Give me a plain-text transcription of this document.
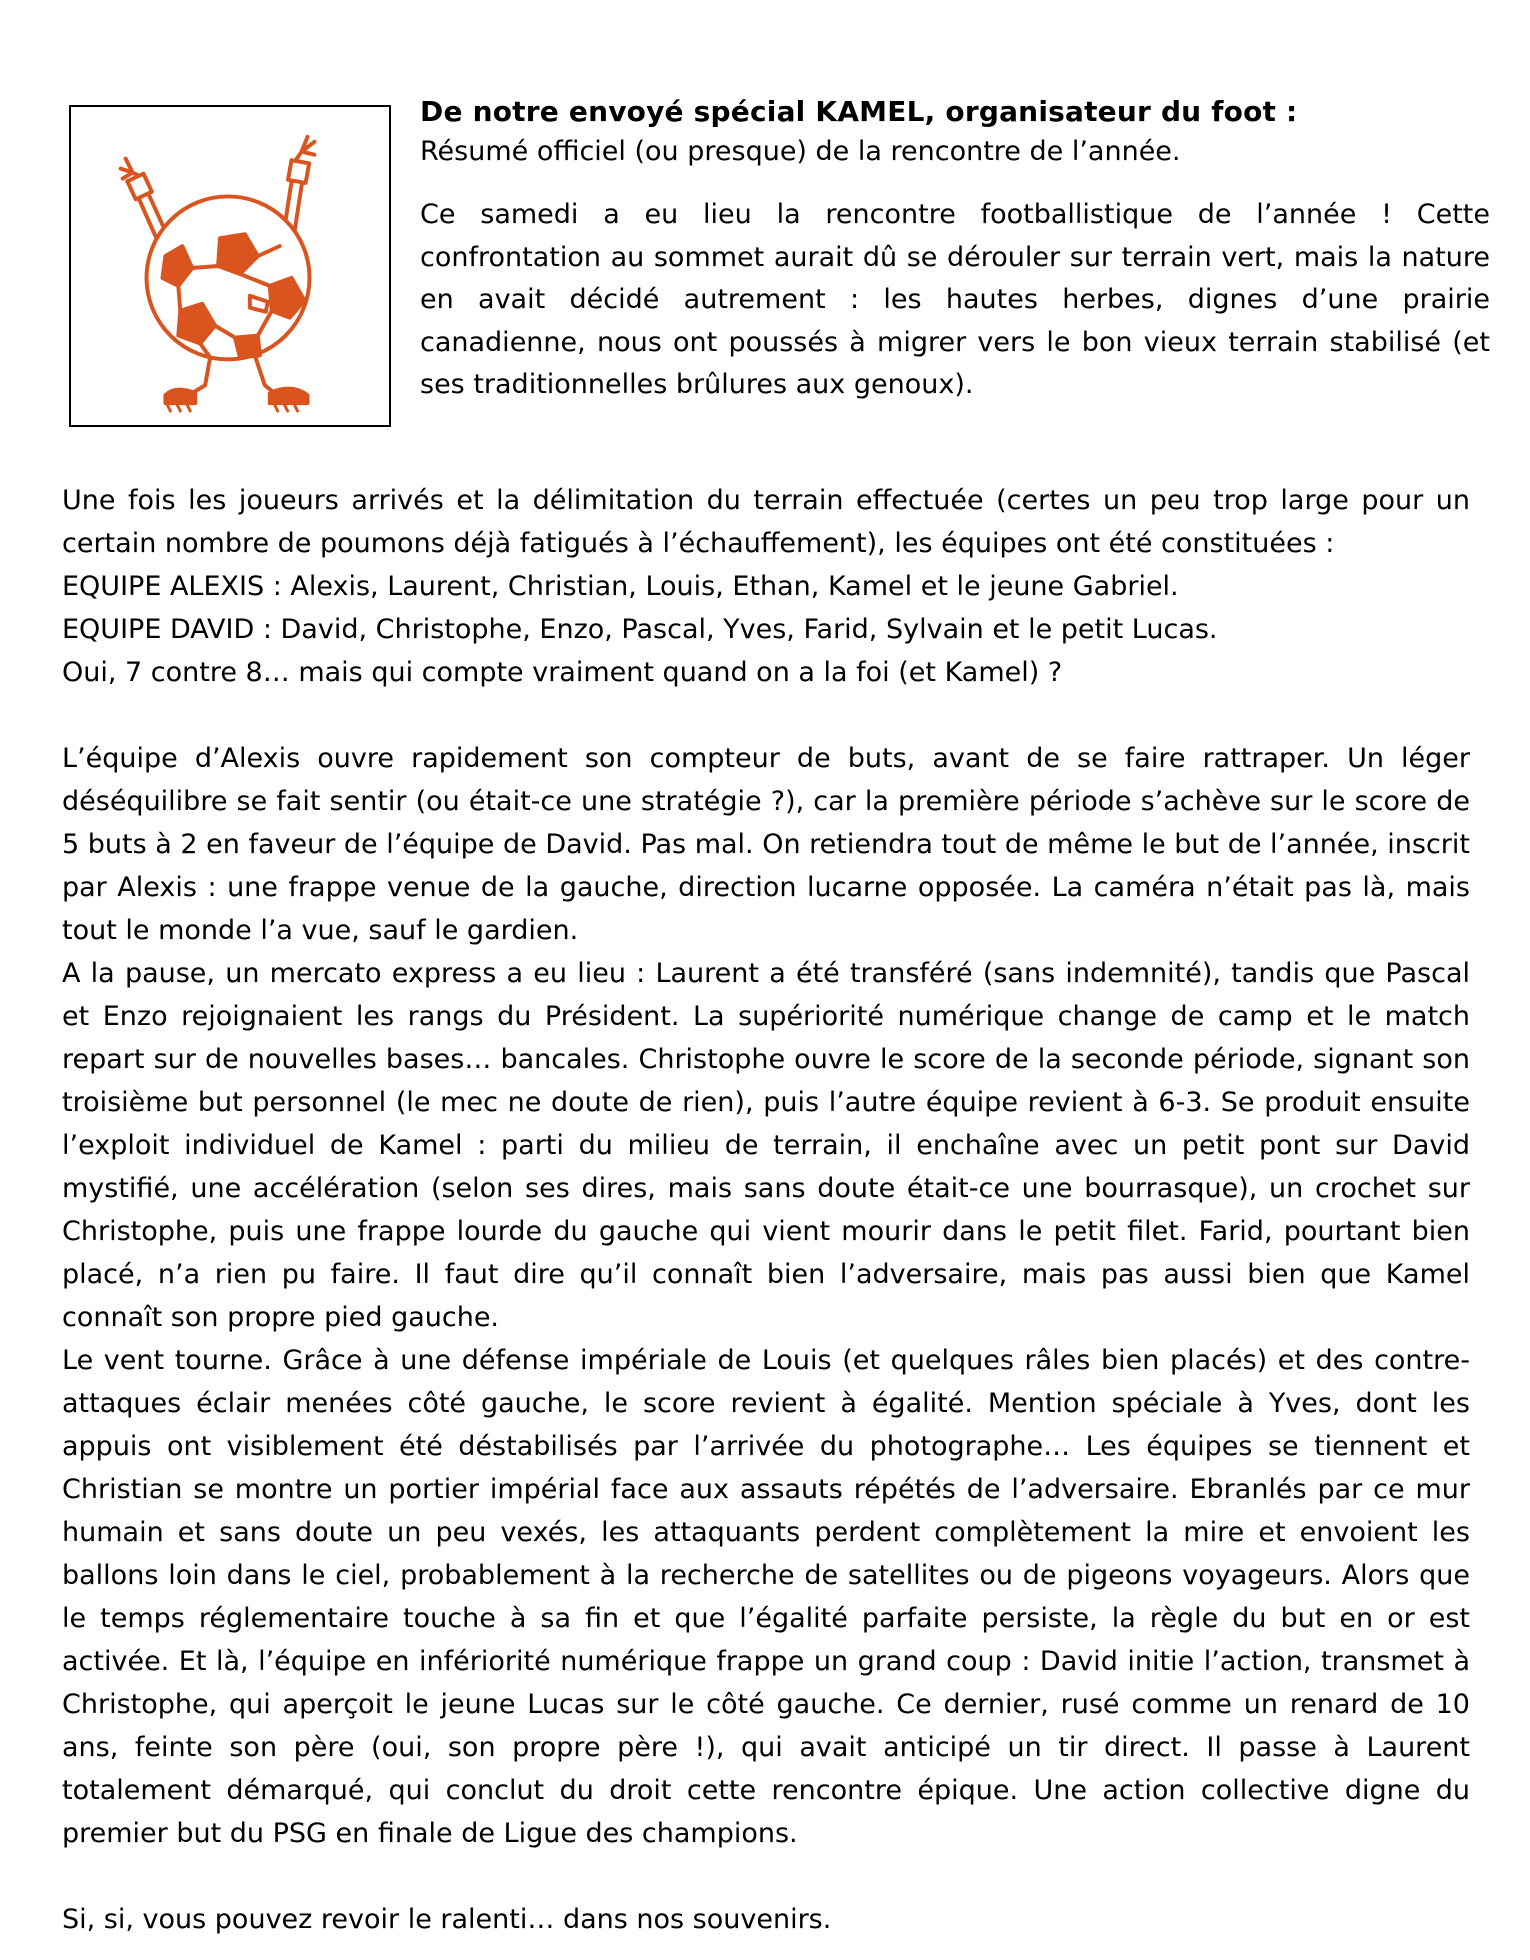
De notre envoyé spécial KAMEL, organisateur du foot :

Résumé officiel (ou presque) de la rencontre de l’année.

Ce samedi a eu lieu la rencontre footballistique de l’année ! Cette confrontation au sommet aurait dû se dérouler sur terrain vert, mais la nature en avait décidé autrement : les hautes herbes, dignes d’une prairie canadienne, nous ont poussés à migrer vers le bon vieux terrain stabilisé (et ses traditionnelles brûlures aux genoux).

Une fois les joueurs arrivés et la délimitation du terrain effectuée (certes un peu trop large pour un certain nombre de poumons déjà fatigués à l’échauffement), les équipes ont été constituées :

EQUIPE ALEXIS : Alexis, Laurent, Christian, Louis, Ethan, Kamel et le jeune Gabriel.
EQUIPE DAVID : David, Christophe, Enzo, Pascal, Yves, Farid, Sylvain et le petit Lucas.
Oui, 7 contre 8… mais qui compte vraiment quand on a la foi (et Kamel) ?

L’équipe d’Alexis ouvre rapidement son compteur de buts, avant de se faire rattraper. Un léger déséquilibre se fait sentir (ou était-ce une stratégie ?), car la première période s’achève sur le score de 5 buts à 2 en faveur de l’équipe de David. Pas mal. On retiendra tout de même le but de l’année, inscrit par Alexis : une frappe venue de la gauche, direction lucarne opposée. La caméra n’était pas là, mais tout le monde l’a vue, sauf le gardien.

A la pause, un mercato express a eu lieu : Laurent a été transféré (sans indemnité), tandis que Pascal et Enzo rejoignaient les rangs du Président. La supériorité numérique change de camp et le match repart sur de nouvelles bases… bancales. Christophe ouvre le score de la seconde période, signant son troisième but personnel (le mec ne doute de rien), puis l’autre équipe revient à 6-3. Se produit ensuite l’exploit individuel de Kamel : parti du milieu de terrain, il enchaîne avec un petit pont sur David mystifié, une accélération (selon ses dires, mais sans doute était-ce une bourrasque), un crochet sur Christophe, puis une frappe lourde du gauche qui vient mourir dans le petit filet. Farid, pourtant bien placé, n’a rien pu faire. Il faut dire qu’il connaît bien l’adversaire, mais pas aussi bien que Kamel connaît son propre pied gauche.

Le vent tourne. Grâce à une défense impériale de Louis (et quelques râles bien placés) et des contre-attaques éclair menées côté gauche, le score revient à égalité. Mention spéciale à Yves, dont les appuis ont visiblement été déstabilisés par l’arrivée du photographe… Les équipes se tiennent et Christian se montre un portier impérial face aux assauts répétés de l’adversaire. Ebranlés par ce mur humain et sans doute un peu vexés, les attaquants perdent complètement la mire et envoient les ballons loin dans le ciel, probablement à la recherche de satellites ou de pigeons voyageurs. Alors que le temps réglementaire touche à sa fin et que l’égalité parfaite persiste, la règle du but en or est activée. Et là, l’équipe en infériorité numérique frappe un grand coup : David initie l’action, transmet à Christophe, qui aperçoit le jeune Lucas sur le côté gauche. Ce dernier, rusé comme un renard de 10 ans, feinte son père (oui, son propre père !), qui avait anticipé un tir direct. Il passe à Laurent totalement démarqué, qui conclut du droit cette rencontre épique. Une action collective digne du premier but du PSG en finale de Ligue des champions.

Si, si, vous pouvez revoir le ralenti… dans nos souvenirs.
